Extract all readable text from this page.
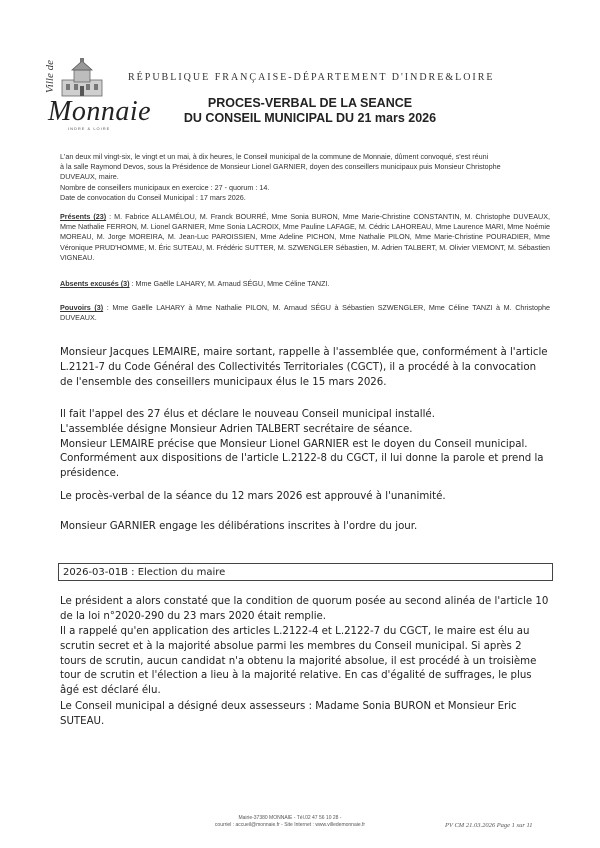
Ville de
Monnaie
INDRE & LOIRE
RÉPUBLIQUE FRANÇAISE-DÉPARTEMENT D'INDRE&LOIRE
PROCES-VERBAL DE LA SEANCE
DU CONSEIL MUNICIPAL DU 21 mars 2026

L'an deux mil vingt-six, le vingt et un mai, à dix heures, le Conseil municipal de la commune de Monnaie, dûment convoqué, s'est réuni

à la salle Raymond Devos, sous la Présidence de Monsieur Lionel GARNIER, doyen des conseillers municipaux puis Monsieur Christophe

DUVEAUX, maire.

Nombre de conseillers municipaux en exercice : 27 - quorum : 14.

Date de convocation du Conseil Municipal : 17 mars 2026.

Présents (23) : M. Fabrice ALLAMÉLOU, M. Franck BOURRÉ, Mme Sonia BURON, Mme Marie-Christine CONSTANTIN, M. Christophe DUVEAUX, Mme Nathalie FERRON, M. Lionel GARNIER, Mme Sonia LACROIX, Mme Pauline LAFAGE, M. Cédric LAHOREAU, Mme Laurence MARI, Mme Noémie MOREAU, M. Jorge MOREIRA, M. Jean-Luc PAROISSIEN, Mme Adeline PICHON, Mme Nathalie PILON, Mme Marie-Christine POURADIER, Mme Véronique PRUD'HOMME, M. Éric SUTEAU, M. Frédéric SUTTER, M. SZWENGLER Sébastien, M. Adrien TALBERT, M. Olivier VIEMONT, M. Sébastien VIGNEAU.

Absents excusés (3) : Mme Gaëlle LAHARY, M. Arnaud SÉGU, Mme Céline TANZI.

Pouvoirs (3) : Mme Gaëlle LAHARY à Mme Nathalie PILON, M. Arnaud SÉGU à Sébastien SZWENGLER, Mme Céline TANZI à M. Christophe DUVEAUX.

Monsieur Jacques LEMAIRE, maire sortant, rappelle à l'assemblée que, conformément à l'article L.2121-7 du Code Général des Collectivités Territoriales (CGCT), il a procédé à la convocation de l'ensemble des conseillers municipaux élus le 15 mars 2026.

Il fait l'appel des 27 élus et déclare le nouveau Conseil municipal installé.

L'assemblée désigne Monsieur Adrien TALBERT secrétaire de séance.

Monsieur LEMAIRE précise que Monsieur Lionel GARNIER est le doyen du Conseil municipal. Conformément aux dispositions de l'article L.2122-8 du CGCT, il lui donne la parole et prend la présidence.

Le procès-verbal de la séance du 12 mars 2026 est approuvé à l'unanimité.

Monsieur GARNIER engage les délibérations inscrites à l'ordre du jour.

2026-03-01B : Election du maire

Le président a alors constaté que la condition de quorum posée au second alinéa de l'article 10 de la loi n°2020-290 du 23 mars 2020 était remplie.

Il a rappelé qu'en application des articles L.2122-4 et L.2122-7 du CGCT, le maire est élu au scrutin secret et à la majorité absolue parmi les membres du Conseil municipal. Si après 2 tours de scrutin, aucun candidat n'a obtenu la majorité absolue, il est procédé à un troisième tour de scrutin et l'élection a lieu à la majorité relative. En cas d'égalité de suffrages, le plus âgé est déclaré élu.

Le Conseil municipal a désigné deux assesseurs : Madame Sonia BURON et Monsieur Eric SUTEAU.

Mairie-37380 MONNAIE - Tél.02 47 56 10 28 -
courriel : accueil@monnaie.fr - Site Internet : www.villedemonnaie.fr	PV CM 21.03.2026 Page 1 sur 11
